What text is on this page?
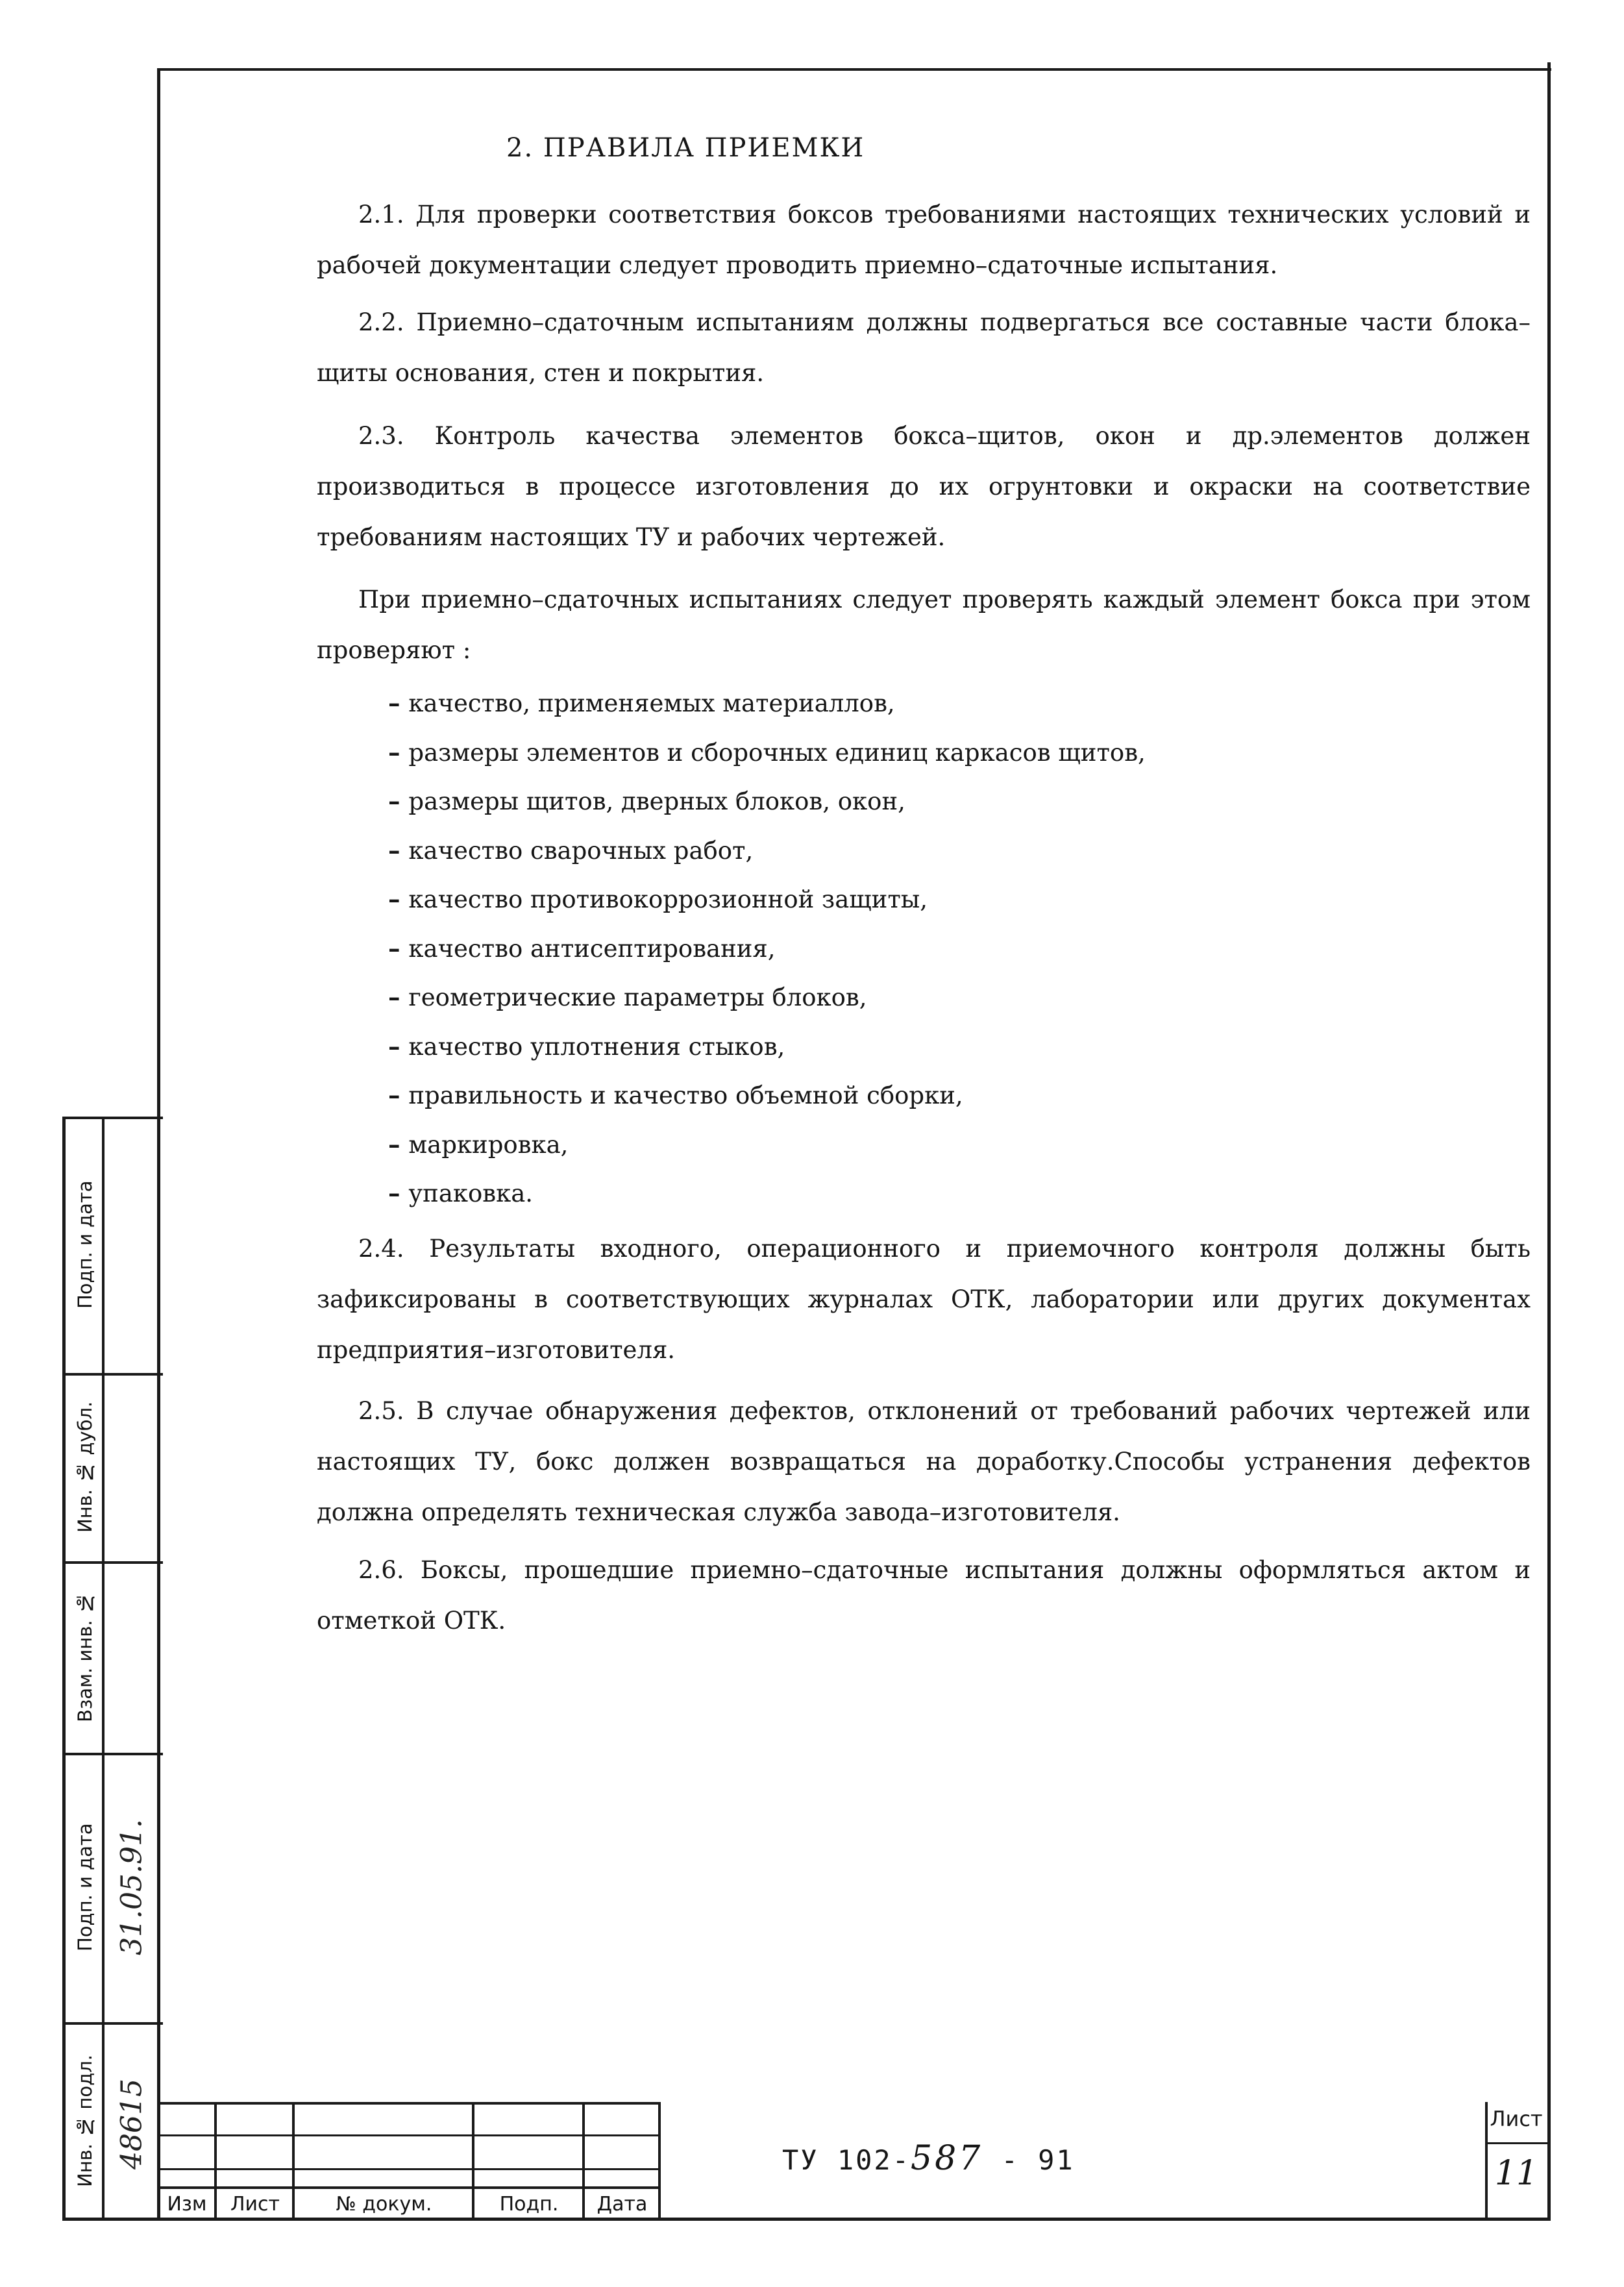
2. ПРАВИЛА ПРИЕМКИ

2.1. Для проверки соответствия боксов требованиями настоящих технических условий и рабочей документации следует проводить приемно–сдаточные испытания.

2.2. Приемно–сдаточным испытаниям должны подвергаться все составные части блока–щиты основания, стен и покрытия.

2.3. Контроль качества элементов бокса–щитов, окон и др.элементов должен производиться в процессе изготовления до их огрунтовки и окраски на соответствие требованиям настоящих ТУ и рабочих чертежей.

При приемно–сдаточных испытаниях следует проверять каждый элемент бокса при этом проверяют :

– качество, применяемых материаллов,
– размеры элементов и сборочных единиц каркасов щитов,
– размеры щитов, дверных блоков, окон,
– качество сварочных работ,
– качество противокоррозионной защиты,
– качество антисептирования,
– геометрические параметры блоков,
– качество уплотнения стыков,
– правильность и качество объемной сборки,
– маркировка,
– упаковка.

2.4. Результаты входного, операционного и приемочного контроля должны быть зафиксированы в соответствующих журналах ОТК, лаборатории или других документах предприятия–изготовителя.

2.5. В случае обнаружения дефектов, отклонений от требований рабочих чертежей или настоящих ТУ, бокс должен возвращаться на доработку.Способы устранения дефектов должна определять техническая служба завода–изготовителя.

2.6. Боксы, прошедшие приемно–сдаточные испытания должны оформляться актом и отметкой ОТК.

Подп. и дата
Инв. № дубл.
Взам. инв. №
Подп. и дата
Инв. № подл.
31.05.91.
48615
Изм	Лист	№ докум.	Подп.	Дата
ТУ 102-587 - 91
Лист
11
